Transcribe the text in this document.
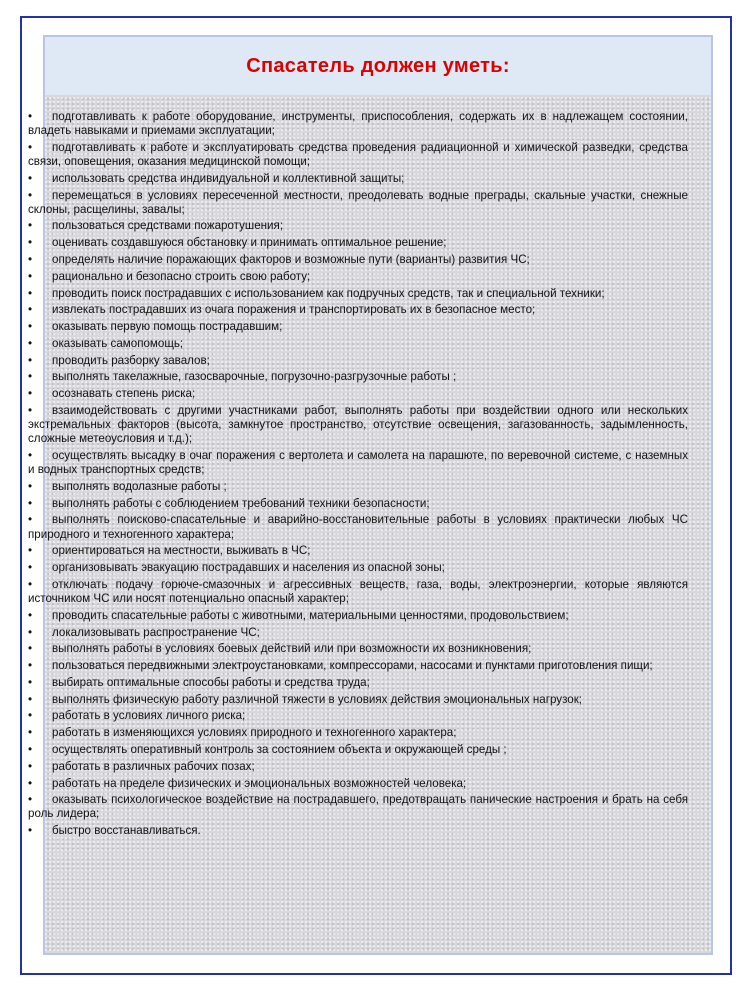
Спасатель должен уметь:
• подготавливать к работе оборудование, инструменты, приспособления, содержать их в надлежащем состоянии, владеть навыками и приемами эксплуатации;
• подготавливать к работе и эксплуатировать средства проведения радиационной и химической разведки, средства связи, оповещения, оказания медицинской помощи;
• использовать средства индивидуальной и коллективной защиты;
• перемещаться в условиях пересеченной местности, преодолевать водные преграды, скальные участки, снежные склоны, расщелины, завалы;
• пользоваться средствами пожаротушения;
• оценивать создавшуюся обстановку и принимать оптимальное решение;
• определять наличие поражающих факторов и возможные пути (варианты) развития ЧС;
• рационально и безопасно строить свою работу;
• проводить поиск пострадавших с использованием как подручных средств, так и специальной техники;
• извлекать пострадавших из очага поражения и транспортировать их в безопасное место;
• оказывать первую помощь пострадавшим;
• оказывать самопомощь;
• проводить разборку завалов;
• выполнять такелажные, газосварочные, погрузочно-разгрузочные работы ;
• осознавать степень риска;
• взаимодействовать с другими участниками работ, выполнять работы при воздействии одного или нескольких экстремальных факторов (высота, замкнутое пространство, отсутствие освещения, загазованность, задымленность, сложные метеоусловия и т.д.);
• осуществлять высадку в очаг поражения с вертолета и самолета на парашюте, по веревочной системе, с наземных и водных транспортных средств;
• выполнять водолазные работы ;
• выполнять работы с соблюдением требований техники безопасности;
• выполнять поисково-спасательные и аварийно-восстановительные работы в условиях практически любых ЧС природного и техногенного характера;
• ориентироваться на местности, выживать в ЧС;
• организовывать эвакуацию пострадавших и населения из опасной зоны;
• отключать подачу горюче-смазочных и агрессивных веществ, газа, воды, электроэнергии, которые являются источником ЧС или носят потенциально опасный характер;
• проводить спасательные работы с животными, материальными ценностями, продовольствием;
• локализовывать распространение ЧС;
• выполнять работы в условиях боевых действий или при возможности их возникновения;
• пользоваться передвижными электроустановками, компрессорами, насосами и пунктами приготовления пищи;
• выбирать оптимальные способы работы и средства труда;
• выполнять физическую работу различной тяжести в условиях действия эмоциональных нагрузок;
• работать в условиях личного риска;
• работать в изменяющихся условиях природного и техногенного характера;
• осуществлять оперативный контроль за состоянием объекта и окружающей среды ;
• работать в различных рабочих позах;
• работать на пределе физических и эмоциональных возможностей человека;
• оказывать психологическое воздействие на пострадавшего, предотвращать панические настроения и брать на себя роль лидера;
• быстро восстанавливаться.
